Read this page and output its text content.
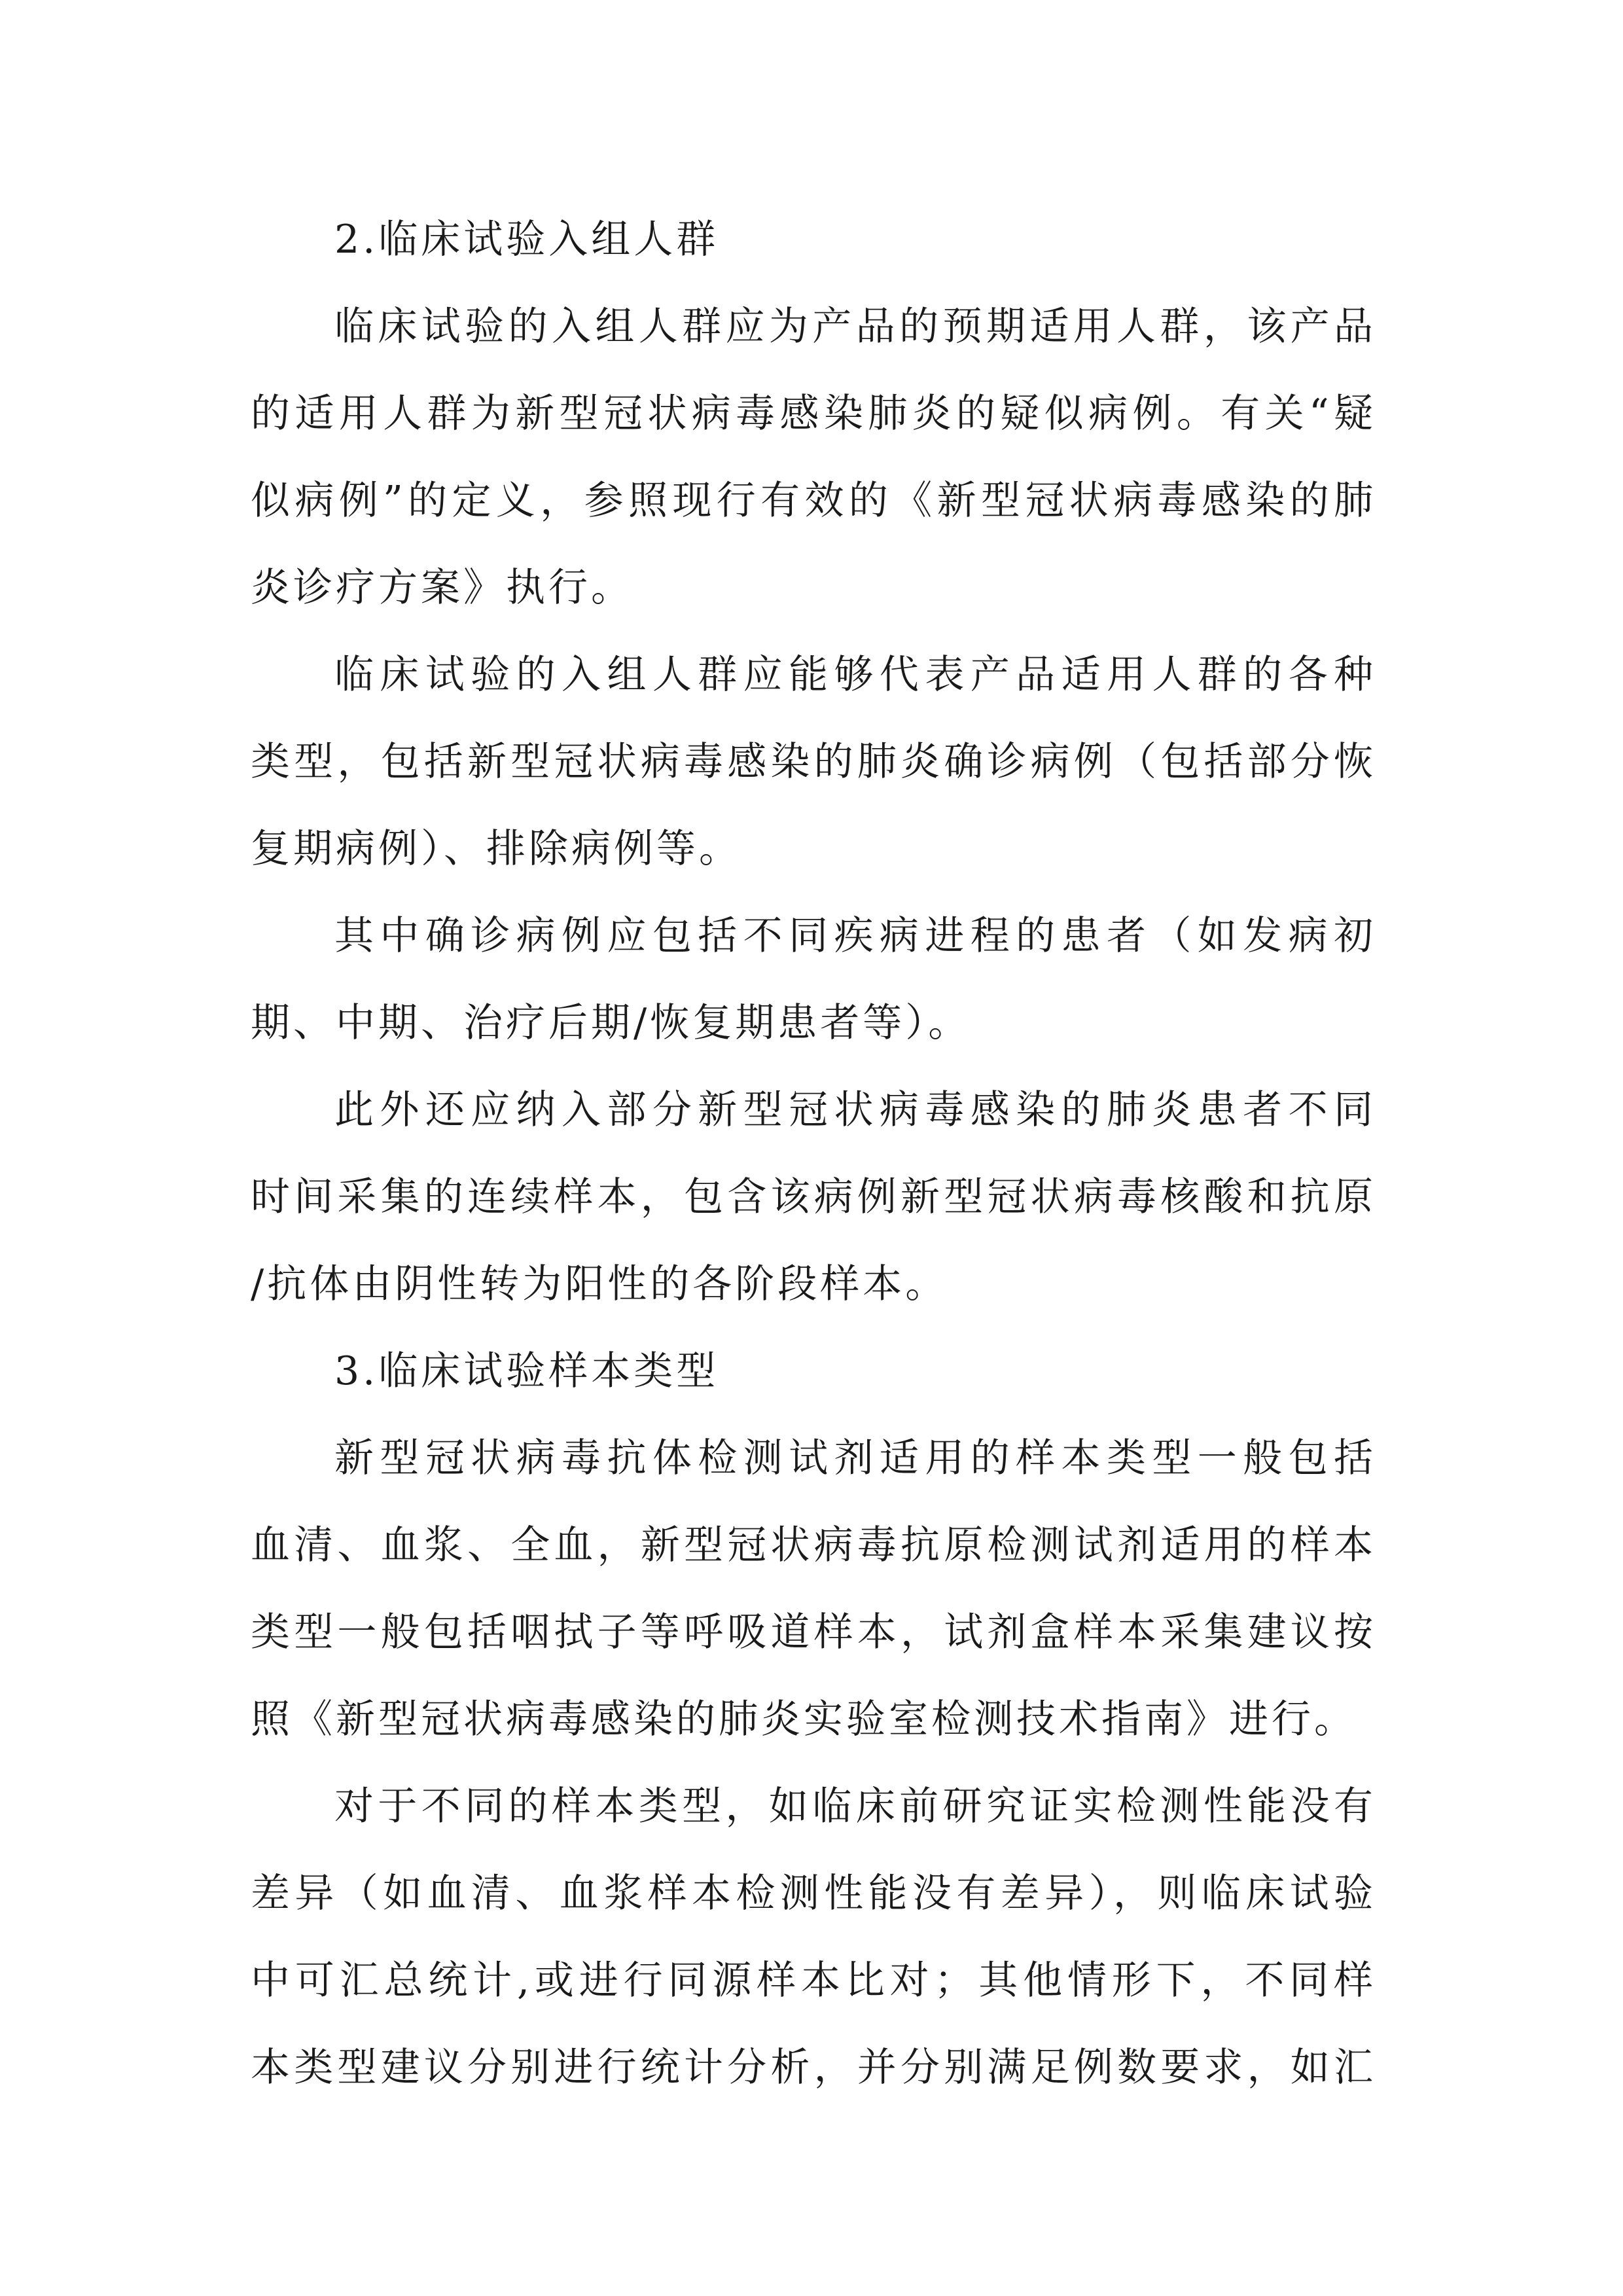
2.临床试验入组人群
临床试验的入组人群应为产品的预期适用人群，该产品
的适用人群为新型冠状病毒感染肺炎的疑似病例。有关“疑
似病例”的定义，参照现行有效的《新型冠状病毒感染的肺
炎诊疗方案》执行。
临床试验的入组人群应能够代表产品适用人群的各种
类型，包括新型冠状病毒感染的肺炎确诊病例（包括部分恢
复期病例）、排除病例等。
其中确诊病例应包括不同疾病进程的患者（如发病初
期、中期、治疗后期/恢复期患者等）。
此外还应纳入部分新型冠状病毒感染的肺炎患者不同
时间采集的连续样本，包含该病例新型冠状病毒核酸和抗原
/抗体由阴性转为阳性的各阶段样本。
3.临床试验样本类型
新型冠状病毒抗体检测试剂适用的样本类型一般包括
血清、血浆、全血，新型冠状病毒抗原检测试剂适用的样本
类型一般包括咽拭子等呼吸道样本，试剂盒样本采集建议按
照《新型冠状病毒感染的肺炎实验室检测技术指南》进行。
对于不同的样本类型，如临床前研究证实检测性能没有
差异（如血清、血浆样本检测性能没有差异），则临床试验
中可汇总统计,或进行同源样本比对；其他情形下，不同样
本类型建议分别进行统计分析，并分别满足例数要求，如汇
